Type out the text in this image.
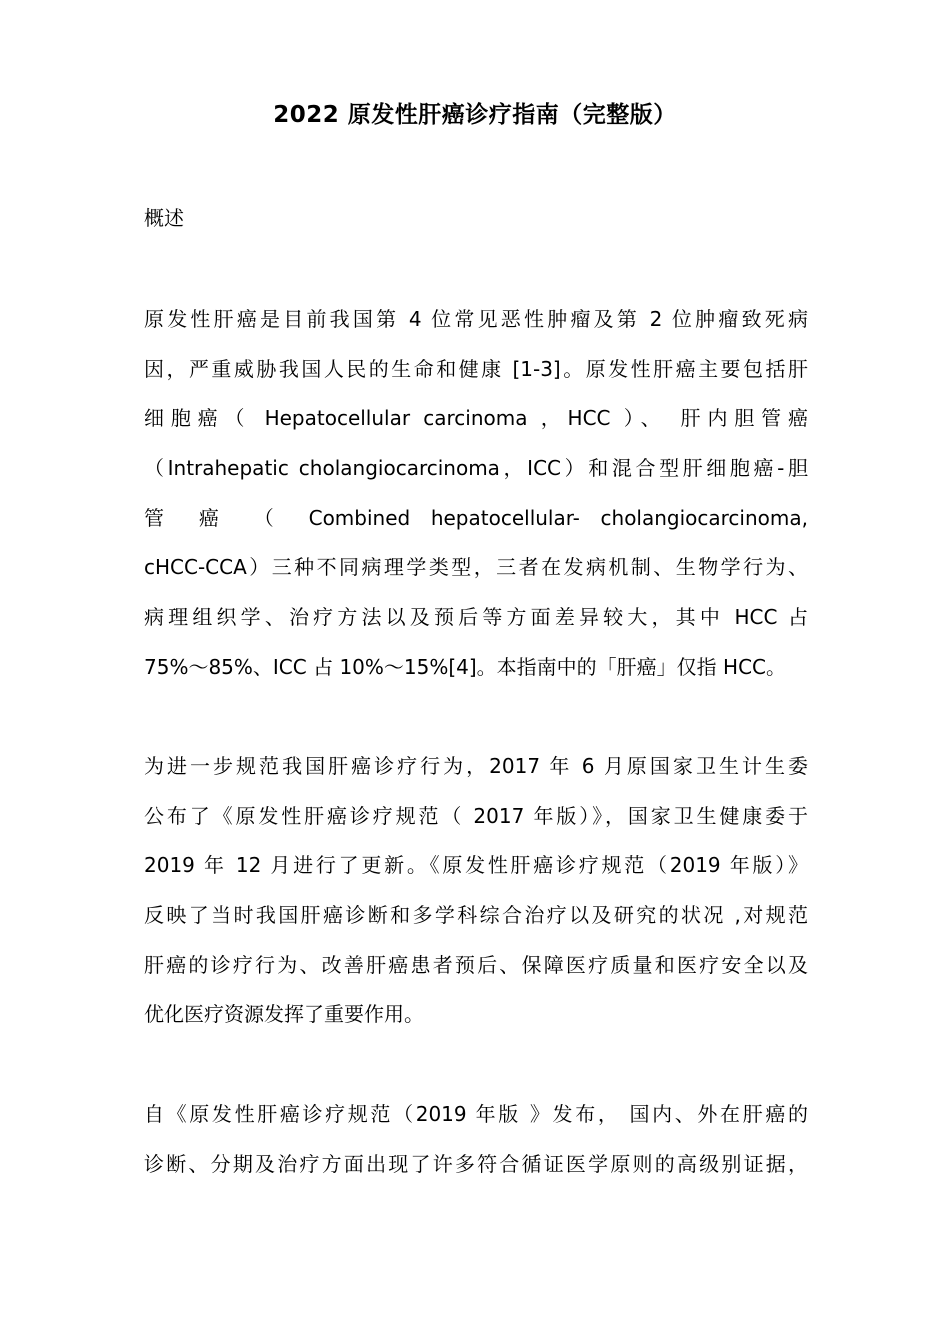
2022 原发性肝癌诊疗指南（完整版）
概述
原发性肝癌是目前我国第 4 位常见恶性肿瘤及第 2 位肿瘤致死病
因，严重威胁我国人民的生命和健康 [1-3]。原发性肝癌主要包括肝
细胞癌（ Hepatocellular carcinoma ，HCC ）、 肝内胆管癌
（Intrahepatic cholangiocarcinoma，ICC）和混合型肝细胞癌-胆
管 癌 （ Combined hepatocellular- cholangiocarcinoma,
cHCC-CCA）三种不同病理学类型，三者在发病机制、生物学行为、
病理组织学、治疗方法以及预后等方面差异较大，其中 HCC 占
75%～85%、ICC 占 10%～15%[4]。本指南中的「肝癌」仅指 HCC。
为进一步规范我国肝癌诊疗行为，2017 年 6 月原国家卫生计生委
公布了《原发性肝癌诊疗规范（ 2017 年版）》，国家卫生健康委于
2019 年 12 月进行了更新。《原发性肝癌诊疗规范（2019 年版）》
反映了当时我国肝癌诊断和多学科综合治疗以及研究的状况 ,对规范
肝癌的诊疗行为、改善肝癌患者预后、保障医疗质量和医疗安全以及
优化医疗资源发挥了重要作用。
自《原发性肝癌诊疗规范（2019 年版 》发布， 国内、外在肝癌的
诊断、分期及治疗方面出现了许多符合循证医学原则的高级别证据，
